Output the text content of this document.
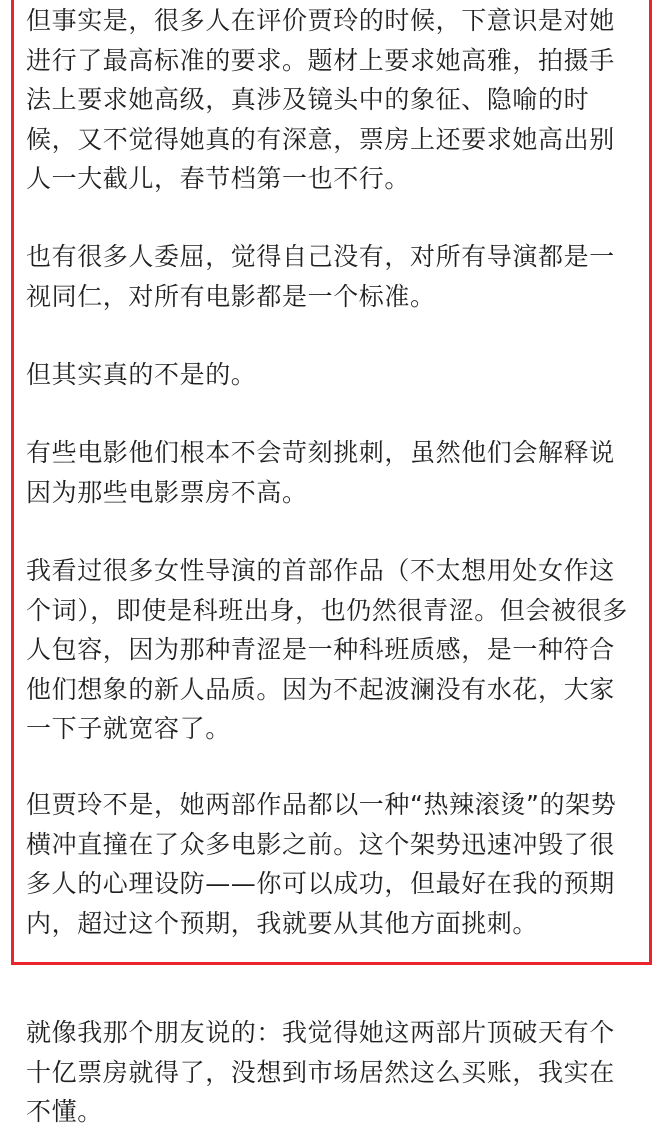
但事实是，很多人在评价贾玲的时候，下意识是对她进行了最高标准的要求。题材上要求她高雅，拍摄手法上要求她高级，真涉及镜头中的象征、隐喻的时候，又不觉得她真的有深意，票房上还要求她高出别人一大截儿，春节档第一也不行。

也有很多人委屈，觉得自己没有，对所有导演都是一视同仁，对所有电影都是一个标准。

但其实真的不是的。

有些电影他们根本不会苛刻挑刺，虽然他们会解释说因为那些电影票房不高。

我看过很多女性导演的首部作品（不太想用处女作这个词），即使是科班出身，也仍然很青涩。但会被很多人包容，因为那种青涩是一种科班质感，是一种符合他们想象的新人品质。因为不起波澜没有水花，大家一下子就宽容了。

但贾玲不是，她两部作品都以一种“热辣滚烫”的架势横冲直撞在了众多电影之前。这个架势迅速冲毁了很多人的心理设防——你可以成功，但最好在我的预期内，超过这个预期，我就要从其他方面挑刺。

就像我那个朋友说的：我觉得她这两部片顶破天有个十亿票房就得了，没想到市场居然这么买账，我实在不懂。
